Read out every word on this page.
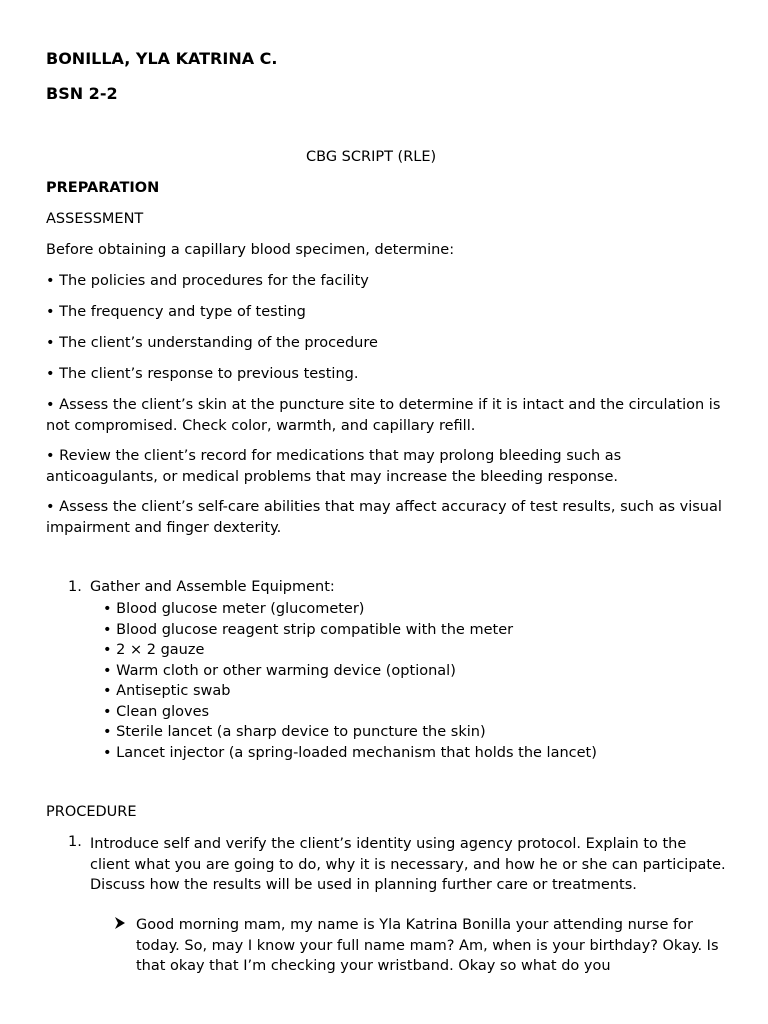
BONILLA, YLA KATRINA C.
BSN 2-2
CBG SCRIPT (RLE)
PREPARATION
ASSESSMENT
Before obtaining a capillary blood specimen, determine:
• The policies and procedures for the facility
• The frequency and type of testing
• The client’s understanding of the procedure
• The client’s response to previous testing.
• Assess the client’s skin at the puncture site to determine if it is intact and the circulation is not compromised. Check color, warmth, and capillary refill.
• Review the client’s record for medications that may prolong bleeding such as anticoagulants, or medical problems that may increase the bleeding response.
• Assess the client’s self-care abilities that may affect accuracy of test results, such as visual impairment and finger dexterity.
1. Gather and Assemble Equipment:
• Blood glucose meter (glucometer)
• Blood glucose reagent strip compatible with the meter
• 2 × 2 gauze
• Warm cloth or other warming device (optional)
• Antiseptic swab
• Clean gloves
• Sterile lancet (a sharp device to puncture the skin)
• Lancet injector (a spring-loaded mechanism that holds the lancet)
PROCEDURE
1. Introduce self and verify the client’s identity using agency protocol. Explain to the client what you are going to do, why it is necessary, and how he or she can participate. Discuss how the results will be used in planning further care or treatments.
Good morning mam, my name is Yla Katrina Bonilla your attending nurse for today. So, may I know your full name mam? Am, when is your birthday? Okay. Is that okay that I’m checking your wristband. Okay so what do you
